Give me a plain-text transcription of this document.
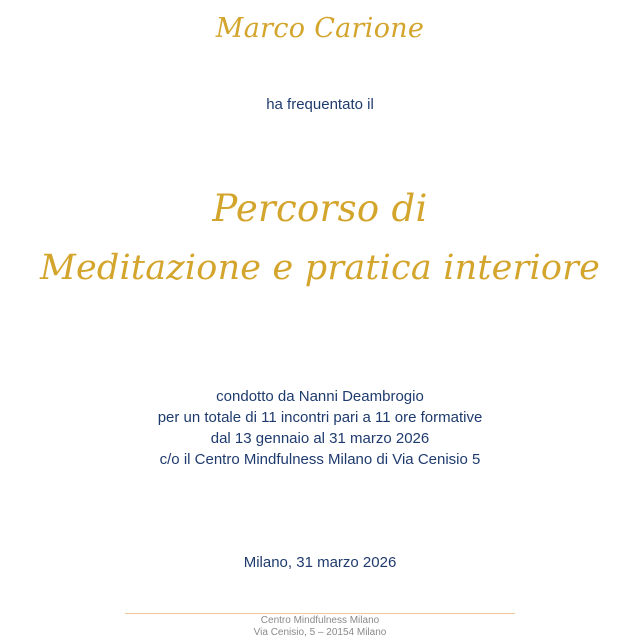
Marco Carione
ha frequentato il
Percorso di
Meditazione e pratica interiore
condotto da Nanni Deambrogio
per un totale di 11 incontri pari a 11 ore formative
dal 13 gennaio al 31 marzo 2026
c/o il Centro Mindfulness Milano di Via Cenisio 5
Milano, 31 marzo 2026
Centro Mindfulness Milano
Via Cenisio, 5 – 20154 Milano
